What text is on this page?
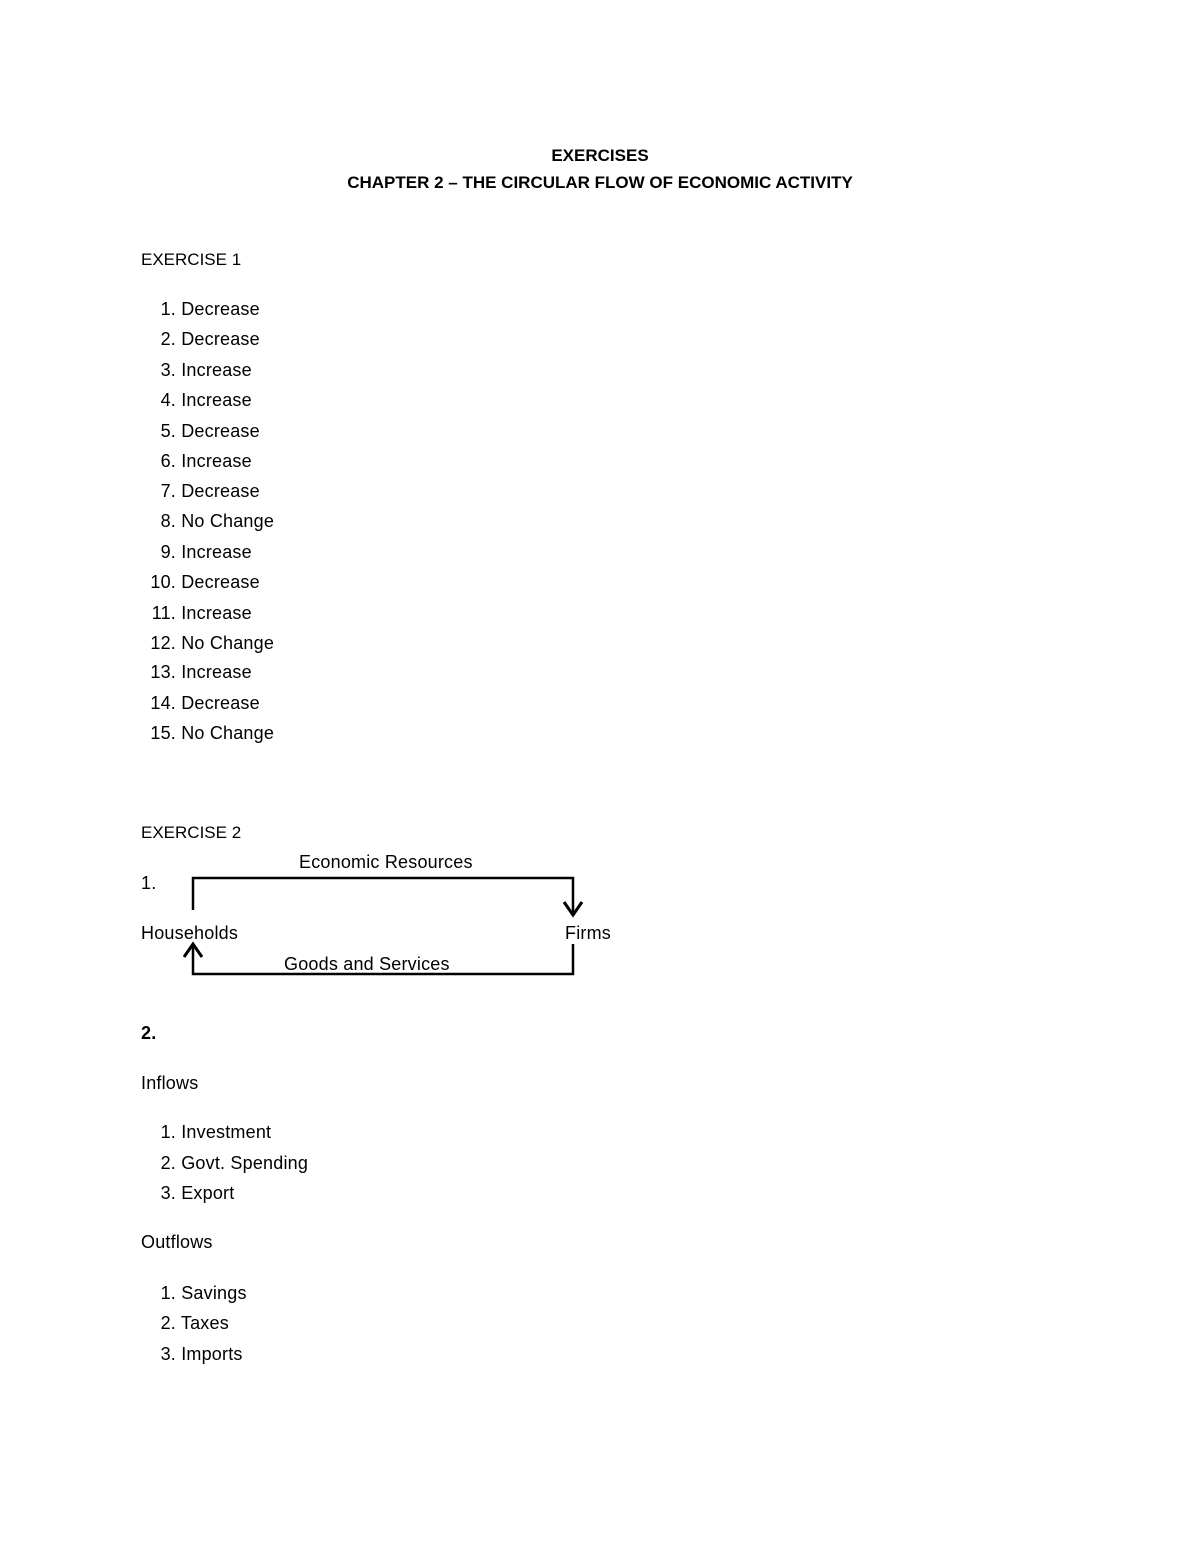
EXERCISES
CHAPTER 2 – THE CIRCULAR FLOW OF ECONOMIC ACTIVITY
EXERCISE 1
1. Decrease
2. Decrease
3. Increase
4. Increase
5. Decrease
6. Increase
7. Decrease
8. No Change
9. Increase
10. Decrease
11. Increase
12. No Change
13. Increase
14. Decrease
15. No Change
EXERCISE 2
Economic Resources
1.
Households	Firms
Goods and Services
2.
Inflows
1. Investment
2. Govt. Spending
3. Export
Outflows
1. Savings
2. Taxes
3. Imports
